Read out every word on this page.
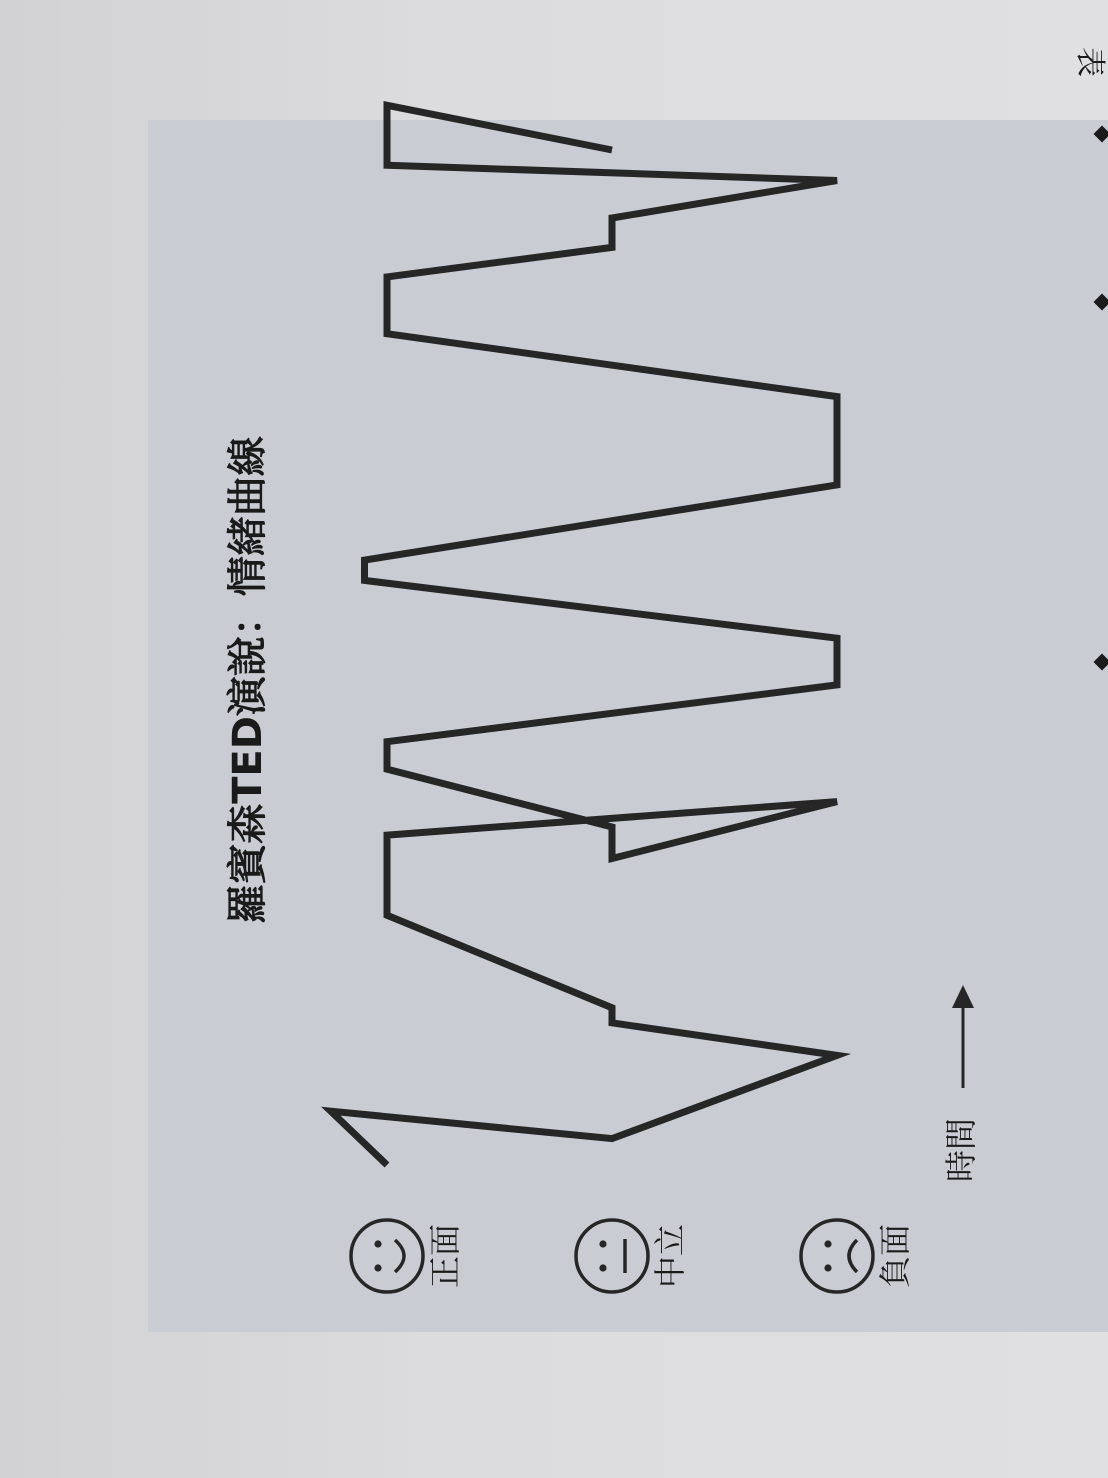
正面	中立	負面
羅賓森TED演說：情緒曲線
時間
表
